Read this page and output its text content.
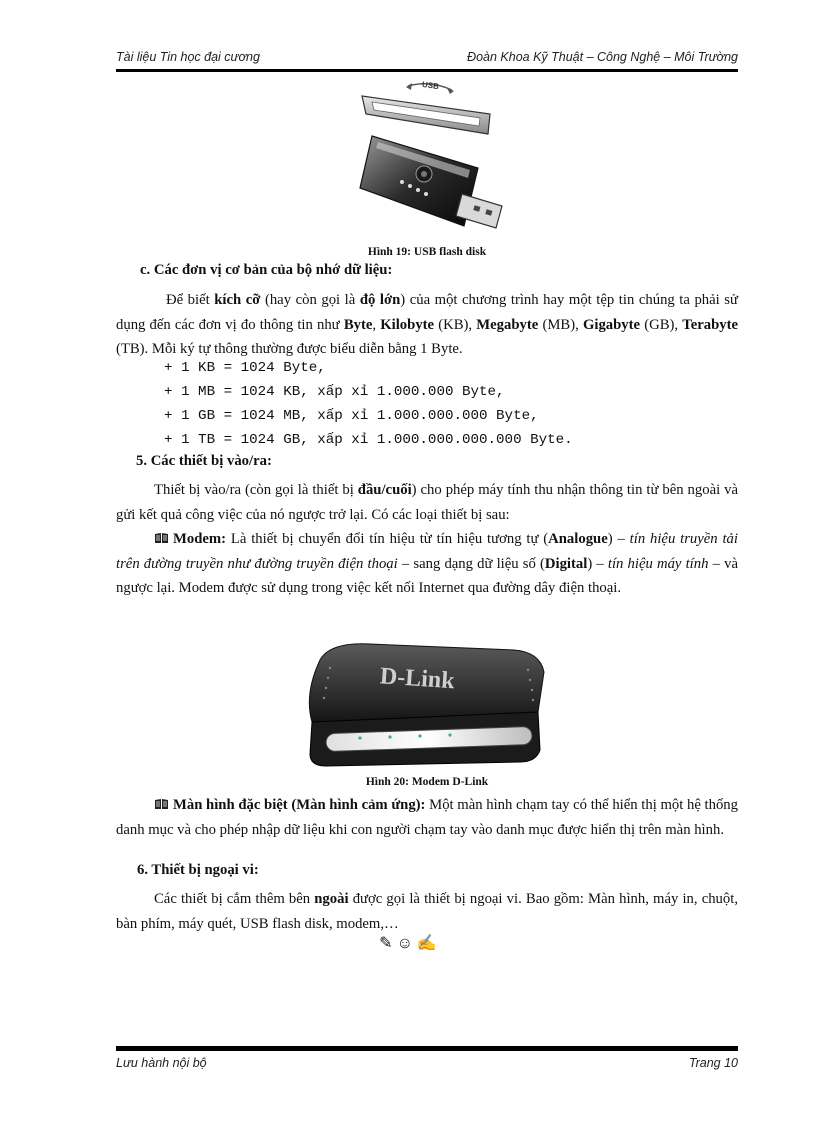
Tài liệu Tin học đại cương	Đoàn Khoa Kỹ Thuật – Công Nghệ – Môi Trường
USB
Hình 19: USB flash disk
c. Các đơn vị cơ bản của bộ nhớ dữ liệu:
Để biết kích cỡ (hay còn gọi là độ lớn) của một chương trình hay một tệp tin chúng ta phải sử dụng đến các đơn vị đo thông tin như Byte, Kilobyte (KB), Megabyte (MB), Gigabyte (GB), Terabyte (TB). Mỗi ký tự thông thường được biểu diễn bằng 1 Byte.
+ 1 KB = 1024 Byte,
+ 1 MB = 1024 KB, xấp xỉ 1.000.000 Byte,
+ 1 GB = 1024 MB, xấp xỉ 1.000.000.000 Byte,
+ 1 TB = 1024 GB, xấp xỉ 1.000.000.000.000 Byte.
5. Các thiết bị vào/ra:
Thiết bị vào/ra (còn gọi là thiết bị đầu/cuối) cho phép máy tính thu nhận thông tin từ bên ngoài và gửi kết quả công việc của nó ngược trở lại. Có các loại thiết bị sau:
Modem: Là thiết bị chuyển đổi tín hiệu từ tín hiệu tương tự (Analogue) – tín hiệu truyền tải trên đường truyền như đường truyền điện thoại – sang dạng dữ liệu số (Digital) – tín hiệu máy tính – và ngược lại. Modem được sử dụng trong việc kết nối Internet qua đường dây điện thoại.
D-Link
Hình 20: Modem D-Link
Màn hình đặc biệt (Màn hình cảm ứng): Một màn hình chạm tay có thể hiển thị một hệ thống danh mục và cho phép nhập dữ liệu khi con người chạm tay vào danh mục được hiển thị trên màn hình.
6. Thiết bị ngoại vi:
Các thiết bị cắm thêm bên ngoài được gọi là thiết bị ngoại vi. Bao gồm: Màn hình, máy in, chuột, bàn phím, máy quét, USB flash disk, modem,…
✎ ☺ ✍
Lưu hành nội bộ	Trang 10
